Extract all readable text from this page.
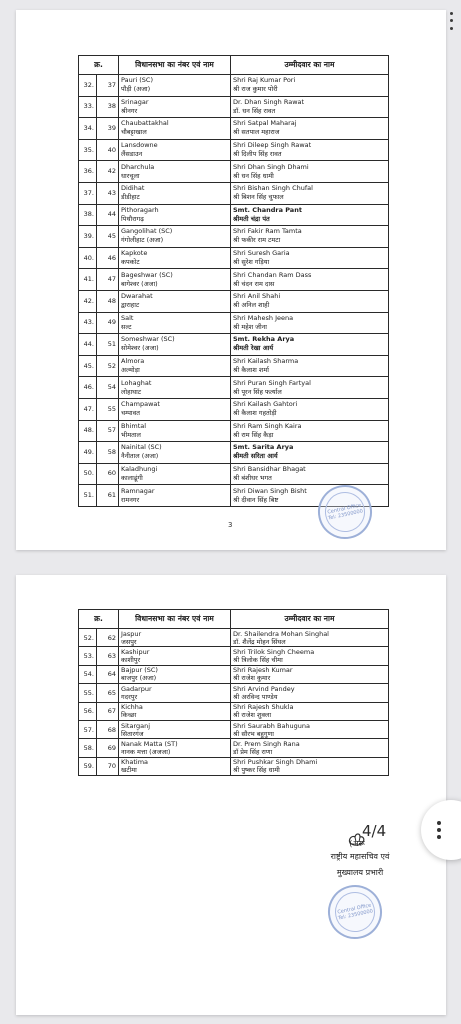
क्र.		विधानसभा का नंबर एवं नाम	उम्मीदवार का नाम
32.	37	Pauri (SC)
पौड़ी (अजा)	Shri Raj Kumar Pori
श्री राज कुमार पोरी

33.	38	Srinagar
श्रीनगर	Dr. Dhan Singh Rawat
डॉ. धन सिंह रावत

34.	39	Chaubattakhal
चौबट्टाखाल	Shri Satpal Maharaj
श्री सतपाल महाराज

35.	40	Lansdowne
लैंसडाउन	Shri Dileep Singh Rawat
श्री दिलीप सिंह रावत

36.	42	Dharchula
धारचूला	Shri Dhan Singh Dhami
श्री धन सिंह धामी

37.	43	Didihat
डीडीहाट	Shri Bishan Singh Chufal
श्री बिशन सिंह चुफाल

38.	44	Pithoragarh
पिथौरागढ़	Smt. Chandra Pant
श्रीमती चंद्रा पंत

39.	45	Gangolihat (SC)
गंगोलीहाट (अजा)	Shri Fakir Ram Tamta
श्री फकीर राम टमटा

40.	46	Kapkote
कपकोट	Shri Suresh Garia
श्री सुरेश गड़िया

41.	47	Bageshwar (SC)
बागेश्वर (अजा)	Shri Chandan Ram Dass
श्री चंदन राम दास

42.	48	Dwarahat
द्वाराहाट	Shri Anil Shahi
श्री अनिल शाही

43.	49	Salt
सल्ट	Shri Mahesh Jeena
श्री महेश जीना

44.	51	Someshwar (SC)
सोमेश्वर (अजा)	Smt. Rekha Arya
श्रीमती रेखा आर्य

45.	52	Almora
अल्मोड़ा	Shri Kailash Sharma
श्री कैलाश शर्मा

46.	54	Lohaghat
लोहाघाट	Shri Puran Singh Fartyal
श्री पूरन सिंह फर्त्याल

47.	55	Champawat
चम्पावत	Shri Kailash Gahtori
श्री कैलाश गहतोड़ी

48.	57	Bhimtal
भीमताल	Shri Ram Singh Kaira
श्री राम सिंह कैड़ा

49.	58	Nainital (SC)
नैनीताल (अजा)	Smt. Sarita Arya
श्रीमती सरिता आर्य

50.	60	Kaladhungi
कालाढूंगी	Shri Bansidhar Bhagat
श्री बंशीधर भगत

51.	61	Ramnagar
रामनगर	Shri Diwan Singh Bisht
श्री दीवान सिंह बिष्ट
3
Central Office
Tel: 23500000
क्र.		विधानसभा का नंबर एवं नाम	उम्मीदवार का नाम
52.	62	Jaspur
जसपुर	Dr. Shailendra Mohan Singhal
डॉ. शैलेंद्र मोहन सिंघल

53.	63	Kashipur
काशीपुर	Shri Trilok Singh Cheema
श्री त्रिलोक सिंह चीमा

54.	64	Bajpur (SC)
बाजपुर (अजा)	Shri Rajesh Kumar
श्री राजेश कुमार

55.	65	Gadarpur
गदरपुर	Shri Arvind Pandey
श्री अरविन्द पाण्डेय

56.	67	Kichha
किच्छा	Shri Rajesh Shukla
श्री राजेश शुक्ला

57.	68	Sitarganj
सितारगंज	Shri Saurabh Bahuguna
श्री सौरभ बहुगुणा

58.	69	Nanak Matta (ST)
नानक मत्ता (अजजा)	Dr. Prem Singh Rana
डॉ प्रेम सिंह राणा

59.	70	Khatima
खटीमा	Shri Pushkar Singh Dhami
श्री पुष्कर सिंह धामी
(अरू
राष्ट्रीय महासचिव एवं
मुख्यालय प्रभारी
Central Office
Tel: 23500000
4/4
